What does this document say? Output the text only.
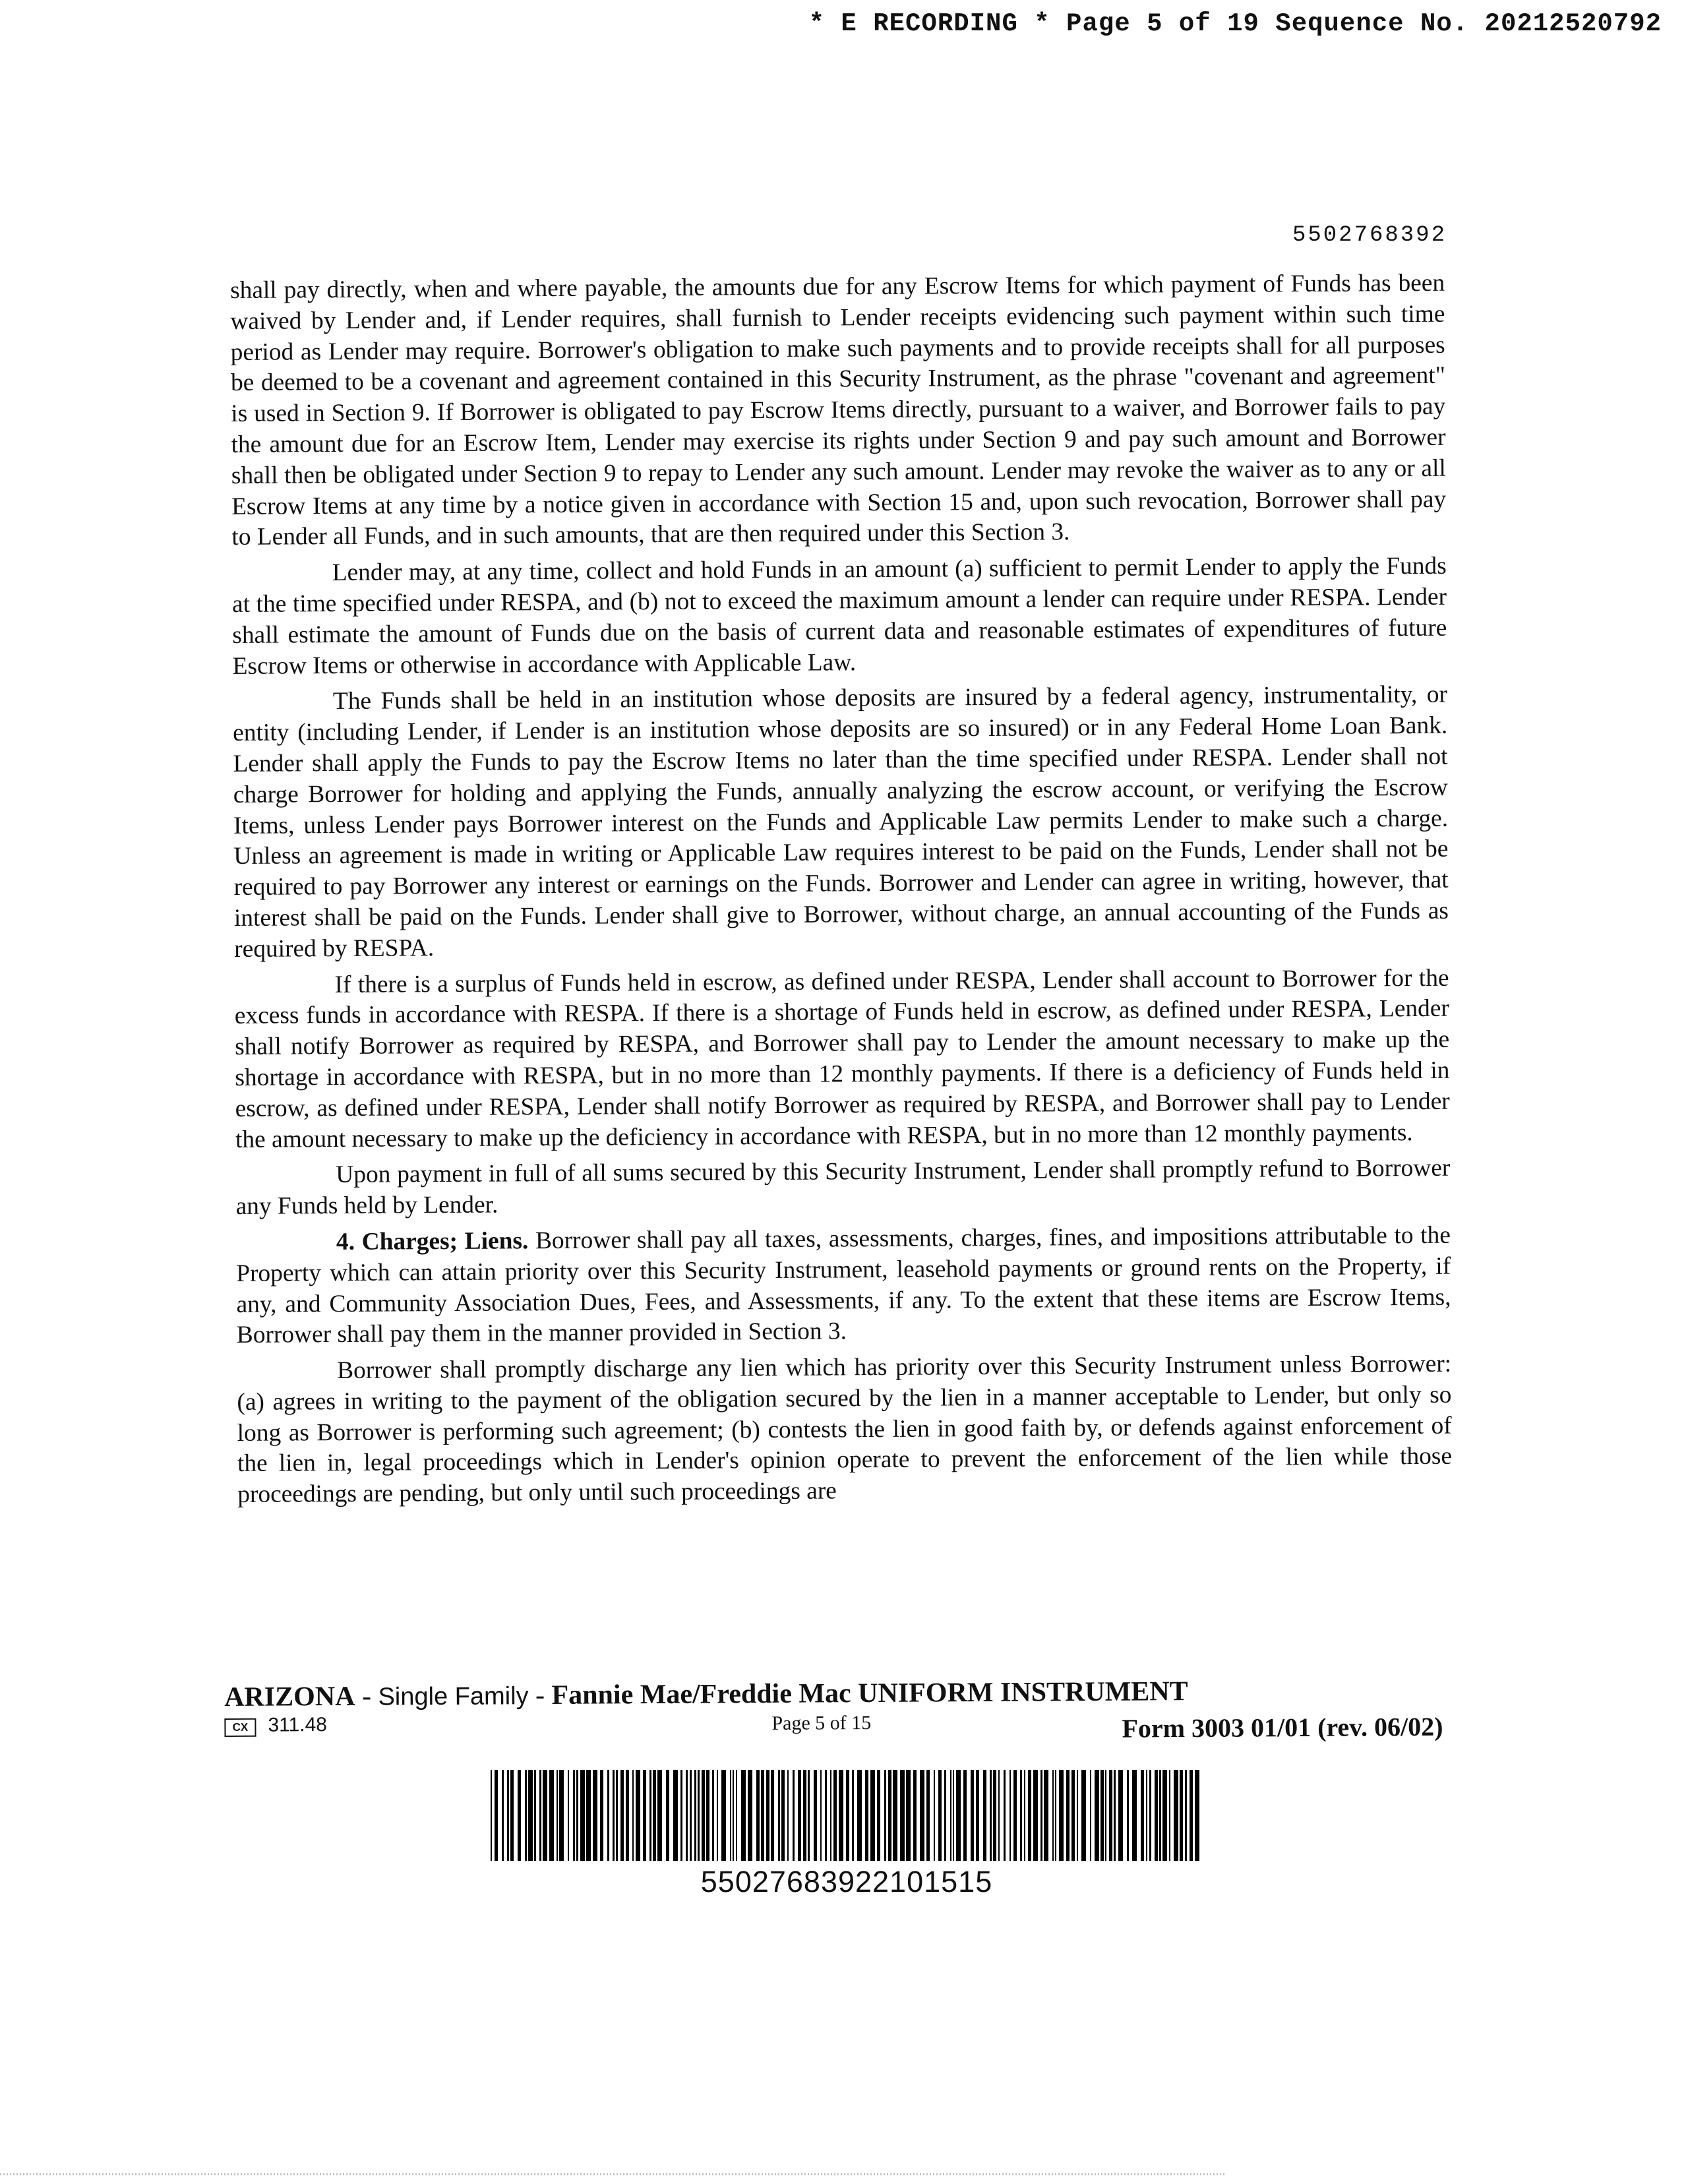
* E RECORDING * Page 5 of 19 Sequence No. 20212520792
5502768392

shall pay directly, when and where payable, the amounts due for any Escrow Items for which payment of Funds has been waived by Lender and, if Lender requires, shall furnish to Lender receipts evidencing such payment within such time period as Lender may require. Borrower's obligation to make such payments and to provide receipts shall for all purposes be deemed to be a covenant and agreement contained in this Security Instrument, as the phrase "covenant and agreement" is used in Section 9. If Borrower is obligated to pay Escrow Items directly, pursuant to a waiver, and Borrower fails to pay the amount due for an Escrow Item, Lender may exercise its rights under Section 9 and pay such amount and Borrower shall then be obligated under Section 9 to repay to Lender any such amount. Lender may revoke the waiver as to any or all Escrow Items at any time by a notice given in accordance with Section 15 and, upon such revocation, Borrower shall pay to Lender all Funds, and in such amounts, that are then required under this Section 3.

Lender may, at any time, collect and hold Funds in an amount (a) sufficient to permit Lender to apply the Funds at the time specified under RESPA, and (b) not to exceed the maximum amount a lender can require under RESPA. Lender shall estimate the amount of Funds due on the basis of current data and reasonable estimates of expenditures of future Escrow Items or otherwise in accordance with Applicable Law.

The Funds shall be held in an institution whose deposits are insured by a federal agency, instrumentality, or entity (including Lender, if Lender is an institution whose deposits are so insured) or in any Federal Home Loan Bank. Lender shall apply the Funds to pay the Escrow Items no later than the time specified under RESPA. Lender shall not charge Borrower for holding and applying the Funds, annually analyzing the escrow account, or verifying the Escrow Items, unless Lender pays Borrower interest on the Funds and Applicable Law permits Lender to make such a charge. Unless an agreement is made in writing or Applicable Law requires interest to be paid on the Funds, Lender shall not be required to pay Borrower any interest or earnings on the Funds. Borrower and Lender can agree in writing, however, that interest shall be paid on the Funds. Lender shall give to Borrower, without charge, an annual accounting of the Funds as required by RESPA.

If there is a surplus of Funds held in escrow, as defined under RESPA, Lender shall account to Borrower for the excess funds in accordance with RESPA. If there is a shortage of Funds held in escrow, as defined under RESPA, Lender shall notify Borrower as required by RESPA, and Borrower shall pay to Lender the amount necessary to make up the shortage in accordance with RESPA, but in no more than 12 monthly payments. If there is a deficiency of Funds held in escrow, as defined under RESPA, Lender shall notify Borrower as required by RESPA, and Borrower shall pay to Lender the amount necessary to make up the deficiency in accordance with RESPA, but in no more than 12 monthly payments.

Upon payment in full of all sums secured by this Security Instrument, Lender shall promptly refund to Borrower any Funds held by Lender.

4. Charges; Liens. Borrower shall pay all taxes, assessments, charges, fines, and impositions attributable to the Property which can attain priority over this Security Instrument, leasehold payments or ground rents on the Property, if any, and Community Association Dues, Fees, and Assessments, if any. To the extent that these items are Escrow Items, Borrower shall pay them in the manner provided in Section 3.

Borrower shall promptly discharge any lien which has priority over this Security Instrument unless Borrower: (a) agrees in writing to the payment of the obligation secured by the lien in a manner acceptable to Lender, but only so long as Borrower is performing such agreement; (b) contests the lien in good faith by, or defends against enforcement of the lien in, legal proceedings which in Lender's opinion operate to prevent the enforcement of the lien while those proceedings are pending, but only until such proceedings are

ARIZONA - Single Family - Fannie Mae/Freddie Mac UNIFORM INSTRUMENT
CX	311.48	Page 5 of 15	Form 3003 01/01 (rev. 06/02)
55027683922101515
